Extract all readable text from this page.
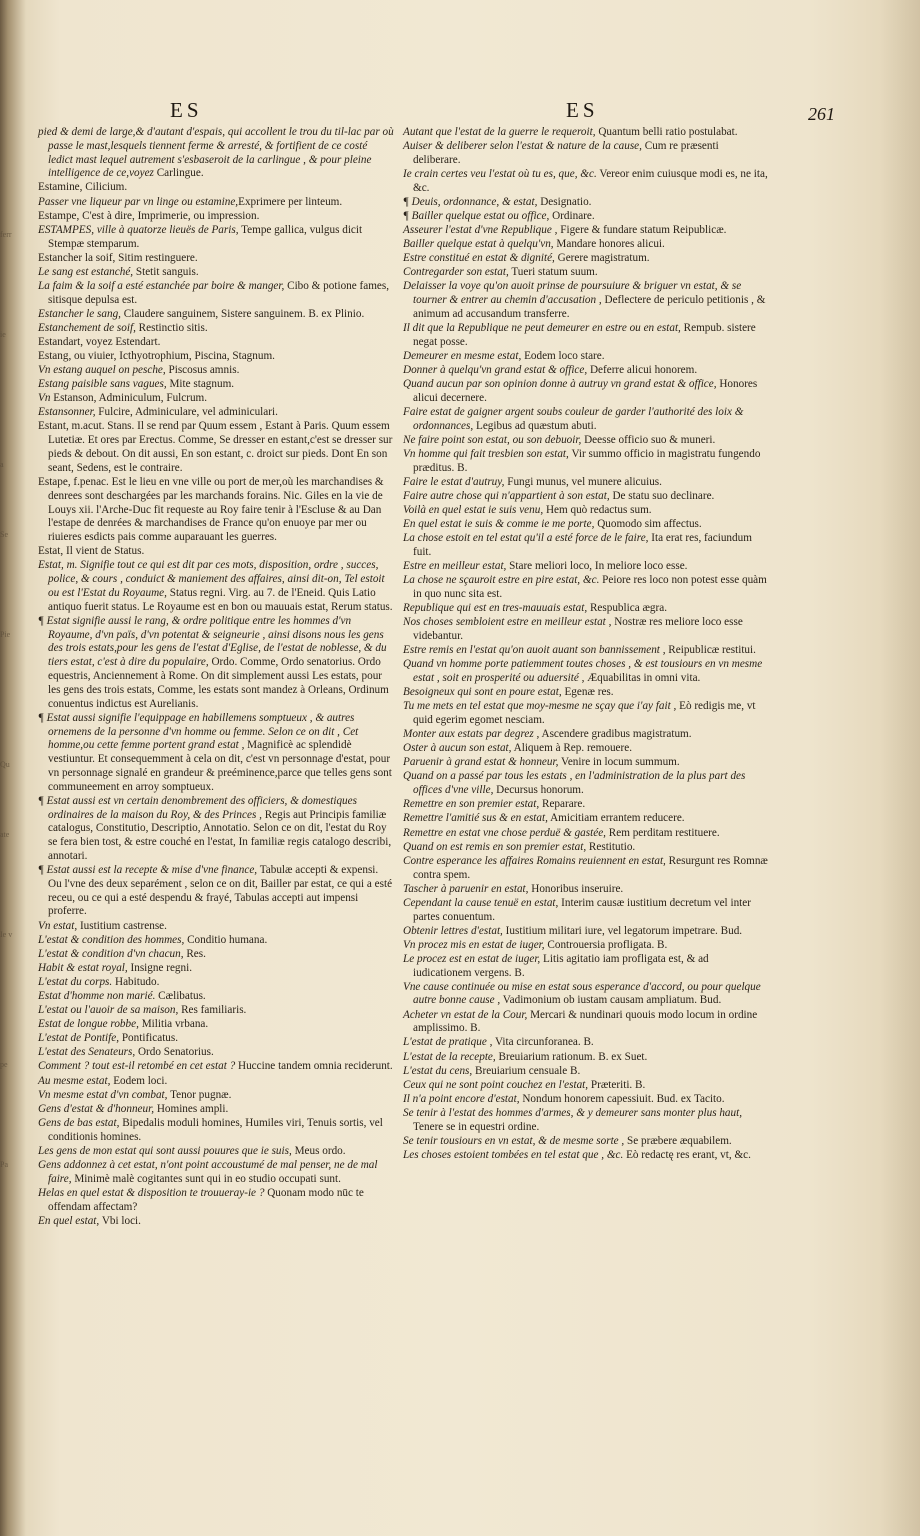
ferr
ie
a
Se
Pie
Qu
ate
Ie v
pe
Pa
ES	ES	261
pied & demi de large,& d'autant d'espais, qui accollent le trou du til-lac par où passe le mast,lesquels tiennent ferme & arresté, & fortifient de ce costé ledict mast lequel autrement s'esbaseroit de la carlingue , & pour pleine intelligence de ce,voyez Carlingue.
Estamine, Cilicium.
Passer vne liqueur par vn linge ou estamine,Exprimere per linteum.
Estampe, C'est à dire, Imprimerie, ou impression.
ESTAMPES, ville à quatorze lieuës de Paris, Tempe gallica, vulgus dicit Stempæ stemparum.
Estancher la soif, Sitim restinguere.
Le sang est estanché, Stetit sanguis.
La faim & la soif a esté estanchée par boire & manger, Cibo & potione fames, sitisque depulsa est.
Estancher le sang, Claudere sanguinem, Sistere sanguinem. B. ex Plinio.
Estanchement de soif, Restinctio sitis.
Estandart, voyez Estendart.
Estang, ou viuier, Icthyotrophium, Piscina, Stagnum.
Vn estang auquel on pesche, Piscosus amnis.
Estang paisible sans vagues, Mite stagnum.
Vn Estanson, Adminiculum, Fulcrum.
Estansonner, Fulcire, Adminiculare, vel adminiculari.
Estant, m.acut. Stans. Il se rend par Quum essem , Estant à Paris. Quum essem Lutetiæ. Et ores par Erectus. Comme, Se dresser en estant,c'est se dresser sur pieds & debout. On dit aussi, En son estant, c. droict sur pieds. Dont En son seant, Sedens, est le contraire.
Estape, f.penac. Est le lieu en vne ville ou port de mer,où les marchandises & denrees sont deschargées par les marchands forains. Nic. Giles en la vie de Louys xii. l'Arche-Duc fit requeste au Roy faire tenir à l'Escluse & au Dan l'estape de denrées & marchandises de France qu'on enuoye par mer ou riuieres esdicts pais comme auparauant les guerres.
Estat, Il vient de Status.
Estat, m. Signifie tout ce qui est dit par ces mots, disposition, ordre , succes, police, & cours , conduict & maniement des affaires, ainsi dit-on, Tel estoit ou est l'Estat du Royaume, Status regni. Virg. au 7. de l'Eneid. Quis Latio antiquo fuerit status. Le Royaume est en bon ou mauuais estat, Rerum status.
¶ Estat signifie aussi le rang, & ordre politique entre les hommes d'vn Royaume, d'vn païs, d'vn potentat & seigneurie , ainsi disons nous les gens des trois estats,pour les gens de l'estat d'Eglise, de l'estat de noblesse, & du tiers estat, c'est à dire du populaire, Ordo. Comme, Ordo senatorius. Ordo equestris, Anciennement à Rome. On dit simplement aussi Les estats, pour les gens des trois estats, Comme, les estats sont mandez à Orleans, Ordinum conuentus indictus est Aurelianis.
¶ Estat aussi signifie l'equippage en habillemens somptueux , & autres ornemens de la personne d'vn homme ou femme. Selon ce on dit , Cet homme,ou cette femme portent grand estat , Magnificè ac splendidè vestiuntur. Et consequemment à cela on dit, c'est vn personnage d'estat, pour vn personnage signalé en grandeur & preéminence,parce que telles gens sont communeement en arroy somptueux.
¶ Estat aussi est vn certain denombrement des officiers, & domestiques ordinaires de la maison du Roy, & des Princes , Regis aut Principis familiæ catalogus, Constitutio, Descriptio, Annotatio. Selon ce on dit, l'estat du Roy se fera bien tost, & estre couché en l'estat, In familiæ regis catalogo describi, annotari.
¶ Estat aussi est la recepte & mise d'vne finance, Tabulæ accepti & expensi. Ou l'vne des deux separément , selon ce on dit, Bailler par estat, ce qui a esté receu, ou ce qui a esté despendu & frayé, Tabulas accepti aut impensi proferre.
Vn estat, Iustitium castrense.
L'estat & condition des hommes, Conditio humana.
L'estat & condition d'vn chacun, Res.
Habit & estat royal, Insigne regni.
L'estat du corps. Habitudo.
Estat d'homme non marié. Cælibatus.
L'estat ou l'auoir de sa maison, Res familiaris.
Estat de longue robbe, Militia vrbana.
L'estat de Pontife, Pontificatus.
L'estat des Senateurs, Ordo Senatorius.
Comment ? tout est-il retombé en cet estat ? Huccine tandem omnia reciderunt.
Au mesme estat, Eodem loci.
Vn mesme estat d'vn combat, Tenor pugnæ.
Gens d'estat & d'honneur, Homines ampli.
Gens de bas estat, Bipedalis moduli homines, Humiles viri, Tenuis sortis, vel conditionis homines.
Les gens de mon estat qui sont aussi pouures que ie suis, Meus ordo.
Gens addonnez à cet estat, n'ont point accoustumé de mal penser, ne de mal faire, Minimè malè cogitantes sunt qui in eo studio occupati sunt.
Helas en quel estat & disposition te trouueray-ie ? Quonam modo nūc te offendam affectam?
En quel estat, Vbi loci.
Autant que l'estat de la guerre le requeroit, Quantum belli ratio postulabat.
Auiser & deliberer selon l'estat & nature de la cause, Cum re præsenti deliberare.
Ie crain certes veu l'estat où tu es, que, &c. Vereor enim cuiusque modi es, ne ita, &c.
¶ Deuis, ordonnance, & estat, Designatio.
¶ Bailler quelque estat ou office, Ordinare.
Asseurer l'estat d'vne Republique , Figere & fundare statum Reipublicæ.
Bailler quelque estat à quelqu'vn, Mandare honores alicui.
Estre constitué en estat & dignité, Gerere magistratum.
Contregarder son estat, Tueri statum suum.
Delaisser la voye qu'on auoit prinse de poursuiure & briguer vn estat, & se tourner & entrer au chemin d'accusation , Deflectere de periculo petitionis , & animum ad accusandum transferre.
Il dit que la Republique ne peut demeurer en estre ou en estat, Rempub. sistere negat posse.
Demeurer en mesme estat, Eodem loco stare.
Donner à quelqu'vn grand estat & office, Deferre alicui honorem.
Quand aucun par son opinion donne à autruy vn grand estat & office, Honores alicui decernere.
Faire estat de gaigner argent soubs couleur de garder l'authorité des loix & ordonnances, Legibus ad quæstum abuti.
Ne faire point son estat, ou son debuoir, Deesse officio suo & muneri.
Vn homme qui fait tresbien son estat, Vir summo officio in magistratu fungendo præditus. B.
Faire le estat d'autruy, Fungi munus, vel munere alicuius.
Faire autre chose qui n'appartient à son estat, De statu suo declinare.
Voilà en quel estat ie suis venu, Hem quò redactus sum.
En quel estat ie suis & comme ie me porte, Quomodo sim affectus.
La chose estoit en tel estat qu'il a esté force de le faire, Ita erat res, faciundum fuit.
Estre en meilleur estat, Stare meliori loco, In meliore loco esse.
La chose ne sçauroit estre en pire estat, &c. Peiore res loco non potest esse quàm in quo nunc sita est.
Republique qui est en tres-mauuais estat, Respublica ægra.
Nos choses sembloient estre en meilleur estat , Nostræ res meliore loco esse videbantur.
Estre remis en l'estat qu'on auoit auant son bannissement , Reipublicæ restitui.
Quand vn homme porte patiemment toutes choses , & est tousiours en vn mesme estat , soit en prosperité ou aduersité , Æquabilitas in omni vita.
Besoigneux qui sont en poure estat, Egenæ res.
Tu me mets en tel estat que moy-mesme ne sçay que i'ay fait , Eò redigis me, vt quid egerim egomet nesciam.
Monter aux estats par degrez , Ascendere gradibus magistratum.
Oster à aucun son estat, Aliquem à Rep. remouere.
Paruenir à grand estat & honneur, Venire in locum summum.
Quand on a passé par tous les estats , en l'administration de la plus part des offices d'vne ville, Decursus honorum.
Remettre en son premier estat, Reparare.
Remettre l'amitié sus & en estat, Amicitiam errantem reducere.
Remettre en estat vne chose perduë & gastée, Rem perditam restituere.
Quand on est remis en son premier estat, Restitutio.
Contre esperance les affaires Romains reuiennent en estat, Resurgunt res Romnæ contra spem.
Tascher à paruenir en estat, Honoribus inseruire.
Cependant la cause tenuë en estat, Interim causæ iustitium decretum vel inter partes conuentum.
Obtenir lettres d'estat, Iustitium militari iure, vel legatorum impetrare. Bud.
Vn procez mis en estat de iuger, Controuersia profligata. B.
Le procez est en estat de iuger, Litis agitatio iam profligata est, & ad iudicationem vergens. B.
Vne cause continuée ou mise en estat sous esperance d'accord, ou pour quelque autre bonne cause , Vadimonium ob iustam causam ampliatum. Bud.
Acheter vn estat de la Cour, Mercari & nundinari quouis modo locum in ordine amplissimo. B.
L'estat de pratique , Vita circunforanea. B.
L'estat de la recepte, Breuiarium rationum. B. ex Suet.
L'estat du cens, Breuiarium censuale B.
Ceux qui ne sont point couchez en l'estat, Præteriti. B.
Il n'a point encore d'estat, Nondum honorem capessiuit. Bud. ex Tacito.
Se tenir à l'estat des hommes d'armes, & y demeurer sans monter plus haut, Tenere se in equestri ordine.
Se tenir tousiours en vn estat, & de mesme sorte , Se præbere æquabilem.
Les choses estoient tombées en tel estat que , &c. Eò redactę res erant, vt, &c.
